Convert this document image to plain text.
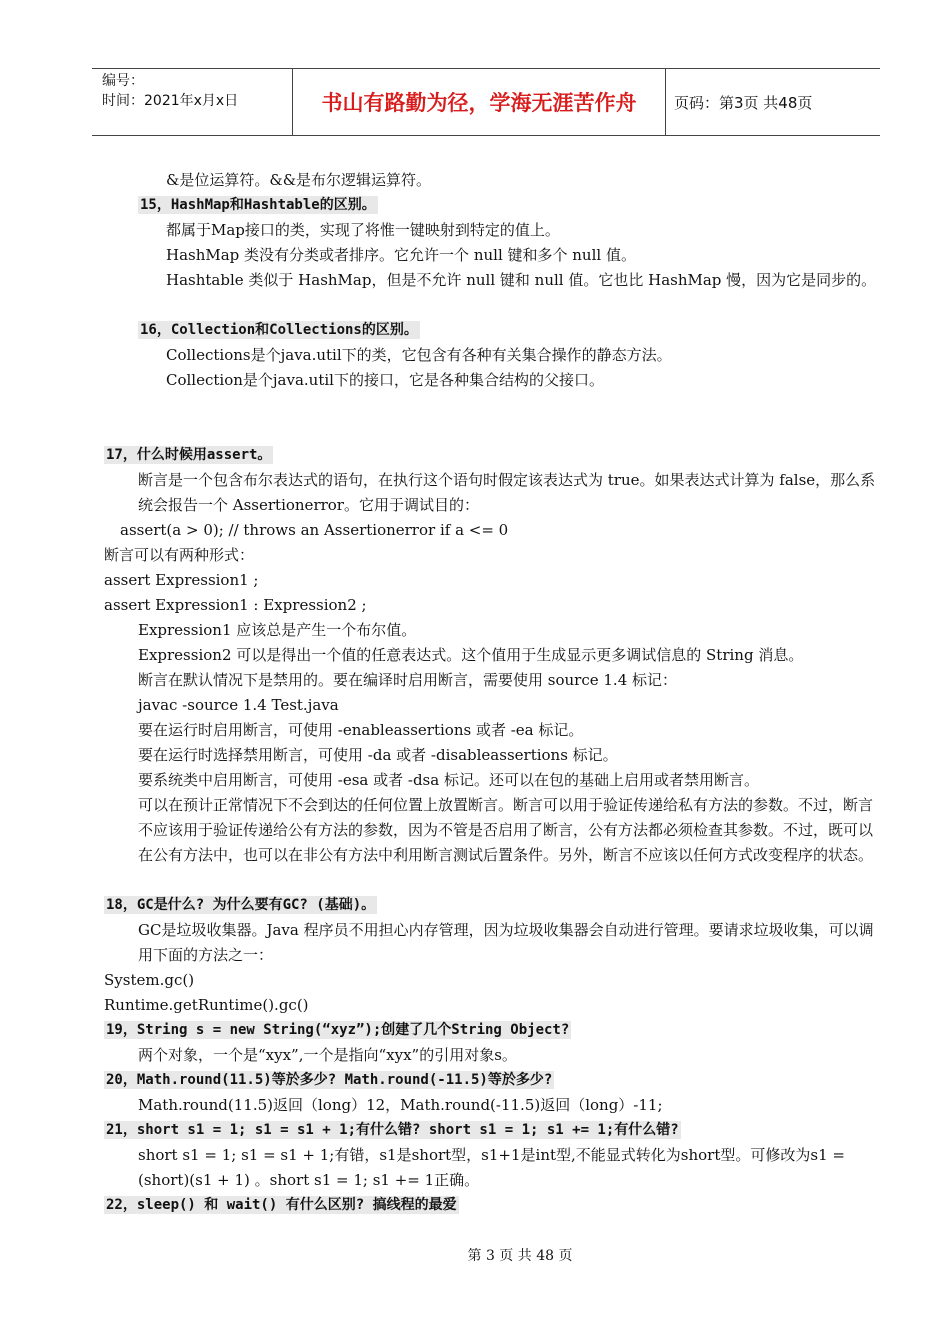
编号：
时间：2021年x月x日	书山有路勤为径，学海无涯苦作舟	页码：第3页 共48页
&是位运算符。&&是布尔逻辑运算符。
15，HashMap和Hashtable的区别。
都属于Map接口的类，实现了将惟一键映射到特定的值上。
HashMap 类没有分类或者排序。它允许一个 null 键和多个 null 值。
Hashtable 类似于 HashMap，但是不允许 null 键和 null 值。它也比 HashMap 慢，因为它是同步的。
16，Collection和Collections的区别。
Collections是个java.util下的类，它包含有各种有关集合操作的静态方法。
Collection是个java.util下的接口，它是各种集合结构的父接口。
17，什么时候用assert。
断言是一个包含布尔表达式的语句，在执行这个语句时假定该表达式为 true。如果表达式计算为 false，那么系统会报告一个 Assertionerror。它用于调试目的：
assert(a > 0); // throws an Assertionerror if a <= 0
断言可以有两种形式：
assert Expression1 ;
assert Expression1 : Expression2 ;
Expression1 应该总是产生一个布尔值。
Expression2 可以是得出一个值的任意表达式。这个值用于生成显示更多调试信息的 String 消息。
断言在默认情况下是禁用的。要在编译时启用断言，需要使用 source 1.4 标记：
javac -source 1.4 Test.java
要在运行时启用断言，可使用 -enableassertions 或者 -ea 标记。
要在运行时选择禁用断言，可使用 -da 或者 -disableassertions 标记。
要系统类中启用断言，可使用 -esa 或者 -dsa 标记。还可以在包的基础上启用或者禁用断言。
可以在预计正常情况下不会到达的任何位置上放置断言。断言可以用于验证传递给私有方法的参数。不过，断言不应该用于验证传递给公有方法的参数，因为不管是否启用了断言，公有方法都必须检查其参数。不过，既可以在公有方法中，也可以在非公有方法中利用断言测试后置条件。另外，断言不应该以任何方式改变程序的状态。
18，GC是什么? 为什么要有GC? (基础)。
GC是垃圾收集器。Java 程序员不用担心内存管理，因为垃圾收集器会自动进行管理。要请求垃圾收集，可以调用下面的方法之一：
System.gc()
Runtime.getRuntime().gc()
19，String s = new String(“xyz”);创建了几个String Object?
两个对象，一个是“xyx”,一个是指向“xyx”的引用对象s。
20，Math.round(11.5)等於多少? Math.round(-11.5)等於多少?
Math.round(11.5)返回（long）12，Math.round(-11.5)返回（long）-11;
21，short s1 = 1; s1 = s1 + 1;有什么错? short s1 = 1; s1 += 1;有什么错?
short s1 = 1; s1 = s1 + 1;有错，s1是short型，s1+1是int型,不能显式转化为short型。可修改为s1 =(short)(s1 + 1) 。short s1 = 1; s1 += 1正确。
22，sleep() 和 wait() 有什么区别? 搞线程的最爱
第 3 页 共 48 页
